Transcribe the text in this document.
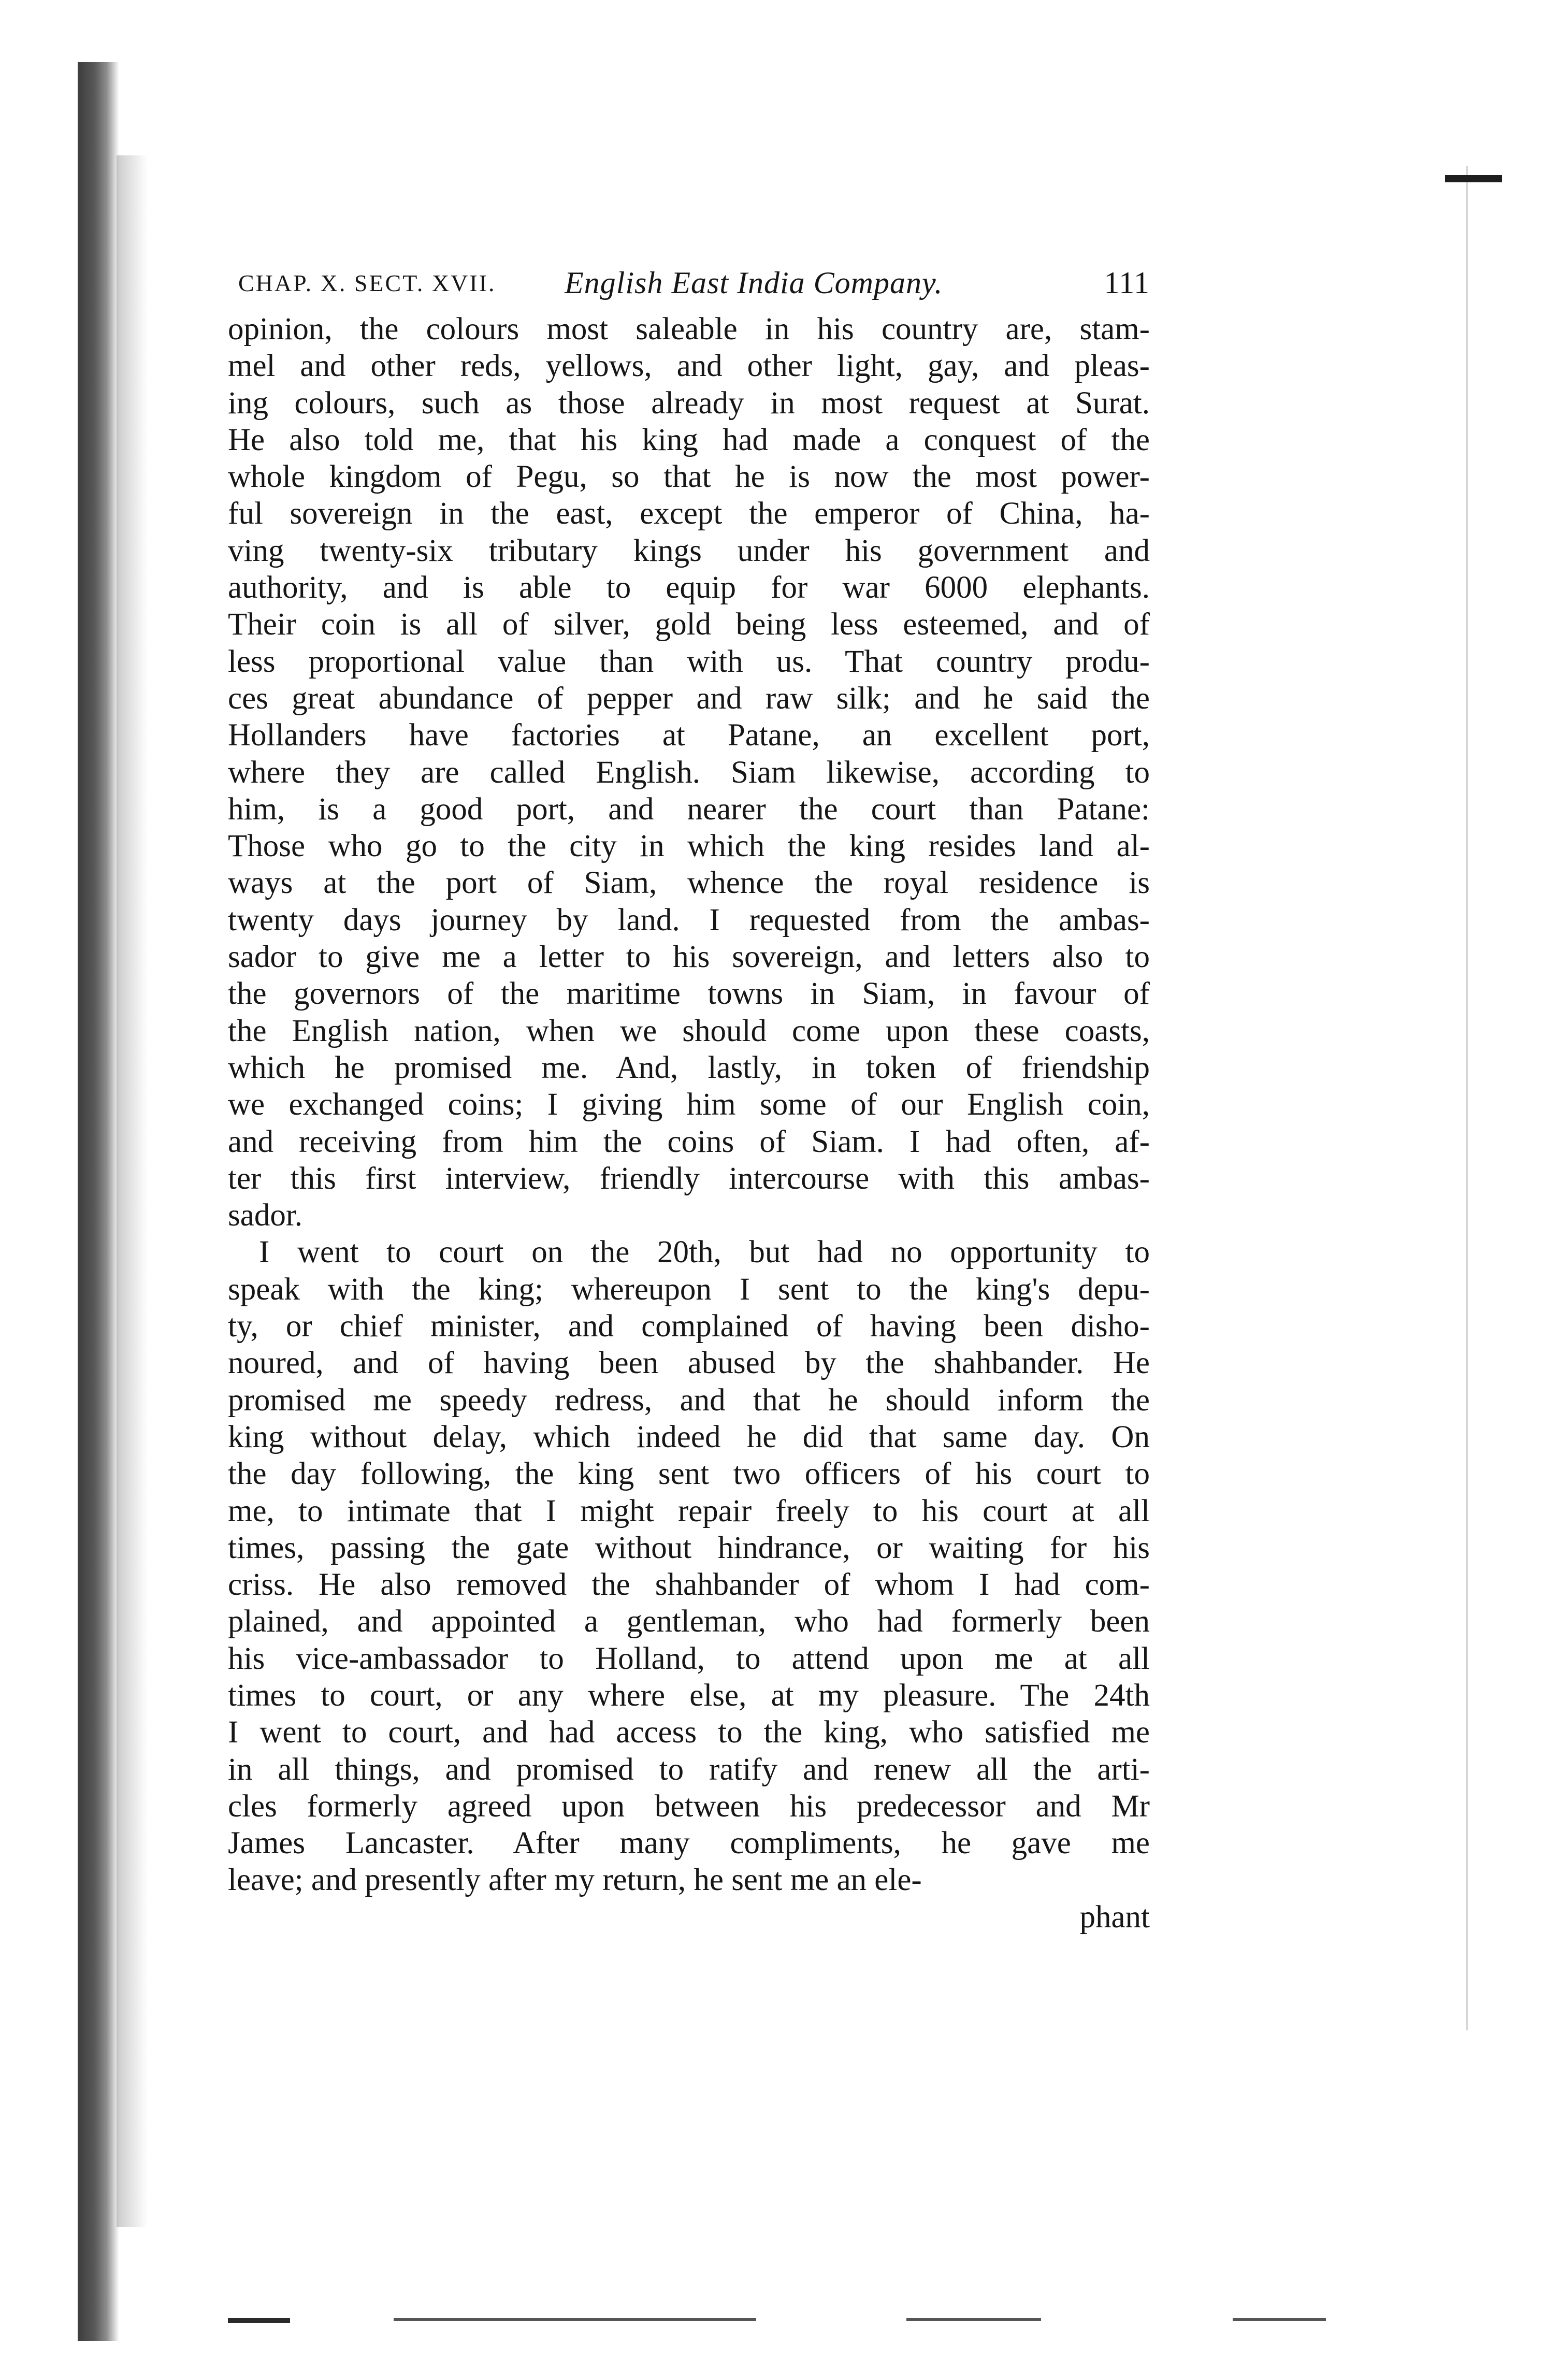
CHAP. X. SECT. XVII. English East India Company.	111

opinion, the colours most saleable in his country are, stam-
mel and other reds, yellows, and other light, gay, and pleas-
ing colours, such as those already in most request at Surat.
He also told me, that his king had made a conquest of the
whole kingdom of Pegu, so that he is now the most power-
ful sovereign in the east, except the emperor of China, ha-
ving twenty-six tributary kings under his government and
authority, and is able to equip for war 6000 elephants.
Their coin is all of silver, gold being less esteemed, and of
less proportional value than with us. That country produ-
ces great abundance of pepper and raw silk; and he said the
Hollanders have factories at Patane, an excellent port,
where they are called English. Siam likewise, according to
him, is a good port, and nearer the court than Patane:
Those who go to the city in which the king resides land al-
ways at the port of Siam, whence the royal residence is
twenty days journey by land. I requested from the ambas-
sador to give me a letter to his sovereign, and letters also to
the governors of the maritime towns in Siam, in favour of
the English nation, when we should come upon these coasts,
which he promised me. And, lastly, in token of friendship
we exchanged coins; I giving him some of our English coin,
and receiving from him the coins of Siam. I had often, af-
ter this first interview, friendly intercourse with this ambas-
sador.

I went to court on the 20th, but had no opportunity to
speak with the king; whereupon I sent to the king's depu-
ty, or chief minister, and complained of having been disho-
noured, and of having been abused by the shahbander. He
promised me speedy redress, and that he should inform the
king without delay, which indeed he did that same day. On
the day following, the king sent two officers of his court to
me, to intimate that I might repair freely to his court at all
times, passing the gate without hindrance, or waiting for his
criss. He also removed the shahbander of whom I had com-
plained, and appointed a gentleman, who had formerly been
his vice-ambassador to Holland, to attend upon me at all
times to court, or any where else, at my pleasure. The 24th
I went to court, and had access to the king, who satisfied me
in all things, and promised to ratify and renew all the arti-
cles formerly agreed upon between his predecessor and Mr
James Lancaster. After many compliments, he gave me
leave; and presently after my return, he sent me an ele-

phant
